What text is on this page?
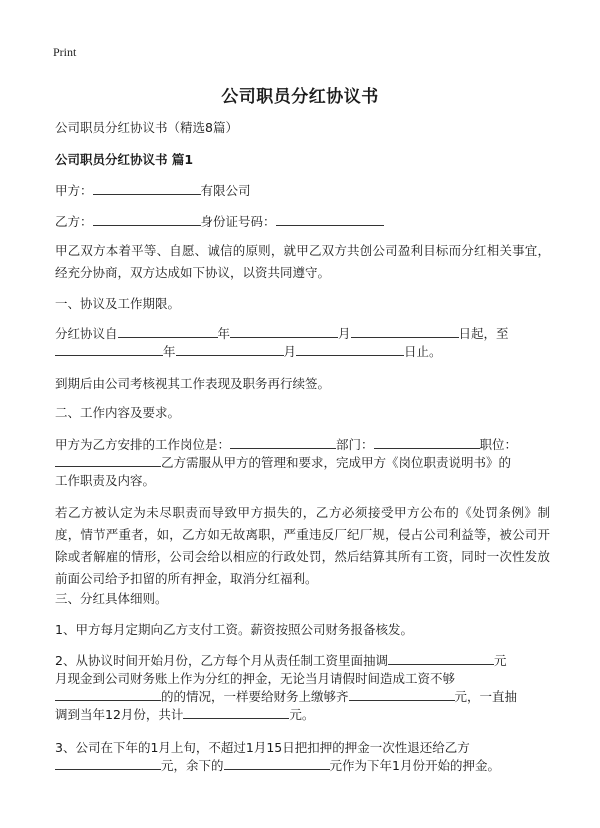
Print
公司职员分红协议书
公司职员分红协议书（精选8篇）
公司职员分红协议书 篇1
甲方：	有限公司
乙方：	身份证号码：
甲乙双方本着平等、自愿、诚信的原则，就甲乙双方共创公司盈利目标而分红相关事宜，经充分协商，双方达成如下协议，以资共同遵守。
一、协议及工作期限。
分红协议自	年	月	日起，至
年	月	日止。
到期后由公司考核视其工作表现及职务再行续签。
二、工作内容及要求。
甲方为乙方安排的工作岗位是：	部门：	职位：
乙方需服从甲方的管理和要求，完成甲方《岗位职责说明书》的
工作职责及内容。
若乙方被认定为未尽职责而导致甲方损失的，乙方必须接受甲方公布的《处罚条例》制度，情节严重者，如，乙方如无故离职，严重违反厂纪厂规，侵占公司利益等，被公司开除或者解雇的情形，公司会给以相应的行政处罚，然后结算其所有工资，同时一次性发放前面公司给予扣留的所有押金，取消分红福利。
三、分红具体细则。
1、甲方每月定期向乙方支付工资。薪资按照公司财务报备核发。
2、从协议时间开始月份，乙方每个月从责任制工资里面抽调	元
月现金到公司财务账上作为分红的押金，无论当月请假时间造成工资不够
的的情况，一样要给财务上缴够齐	元，一直抽
调到当年12月份，共计	元。
3、公司在下年的1月上旬，不超过1月15日把扣押的押金一次性退还给乙方
元，余下的	元作为下年1月份开始的押金。
